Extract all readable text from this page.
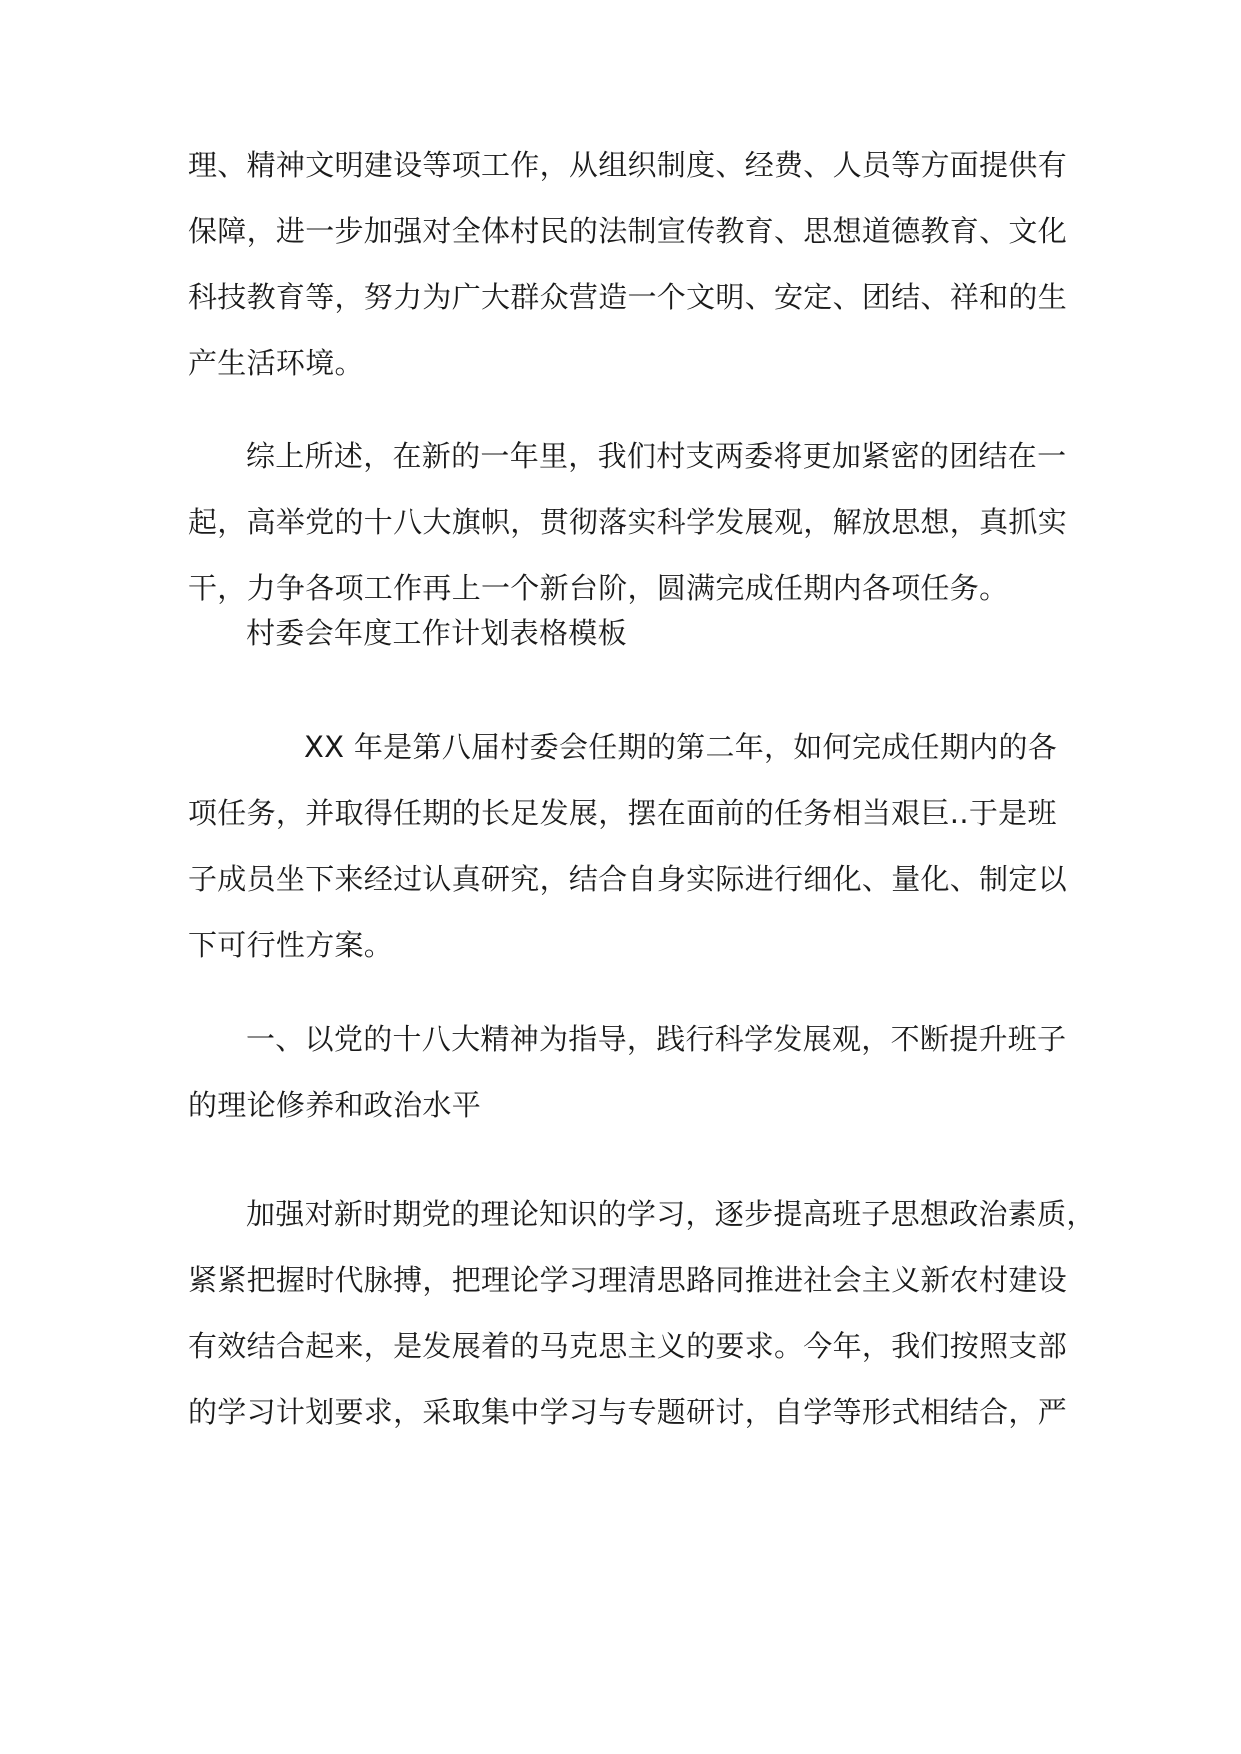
理、精神文明建设等项工作，从组织制度、经费、人员等方面提供有
保障，进一步加强对全体村民的法制宣传教育、思想道德教育、文化
科技教育等，努力为广大群众营造一个文明、安定、团结、祥和的生
产生活环境。
综上所述，在新的一年里，我们村支两委将更加紧密的团结在一
起，高举党的十八大旗帜，贯彻落实科学发展观，解放思想，真抓实
干，力争各项工作再上一个新台阶，圆满完成任期内各项任务。
村委会年度工作计划表格模板
XX 年是第八届村委会任期的第二年，如何完成任期内的各
项任务，并取得任期的长足发展，摆在面前的任务相当艰巨..于是班
子成员坐下来经过认真研究，结合自身实际进行细化、量化、制定以
下可行性方案。
一、以党的十八大精神为指导，践行科学发展观，不断提升班子
的理论修养和政治水平
加强对新时期党的理论知识的学习，逐步提高班子思想政治素质，
紧紧把握时代脉搏，把理论学习理清思路同推进社会主义新农村建设
有效结合起来，是发展着的马克思主义的要求。今年，我们按照支部
的学习计划要求，采取集中学习与专题研讨，自学等形式相结合，严
